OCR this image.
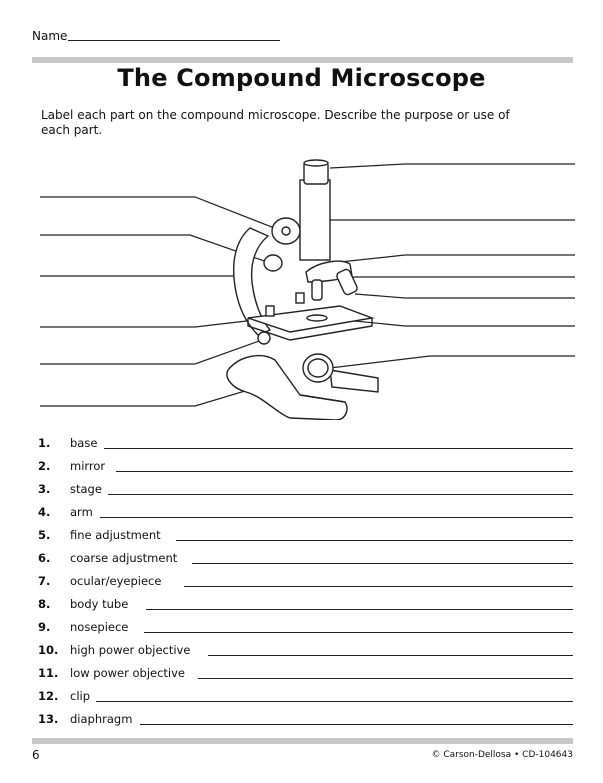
Name
The Compound Microscope
Label each part on the compound microscope. Describe the purpose or use of each part.
1.	base
2.	mirror
3.	stage
4.	arm
5.	fine adjustment
6.	coarse adjustment
7.	ocular/eyepiece
8.	body tube
9.	nosepiece
10.	high power objective
11.	low power objective
12.	clip
13.	diaphragm
6	© Carson-Dellosa • CD-104643
